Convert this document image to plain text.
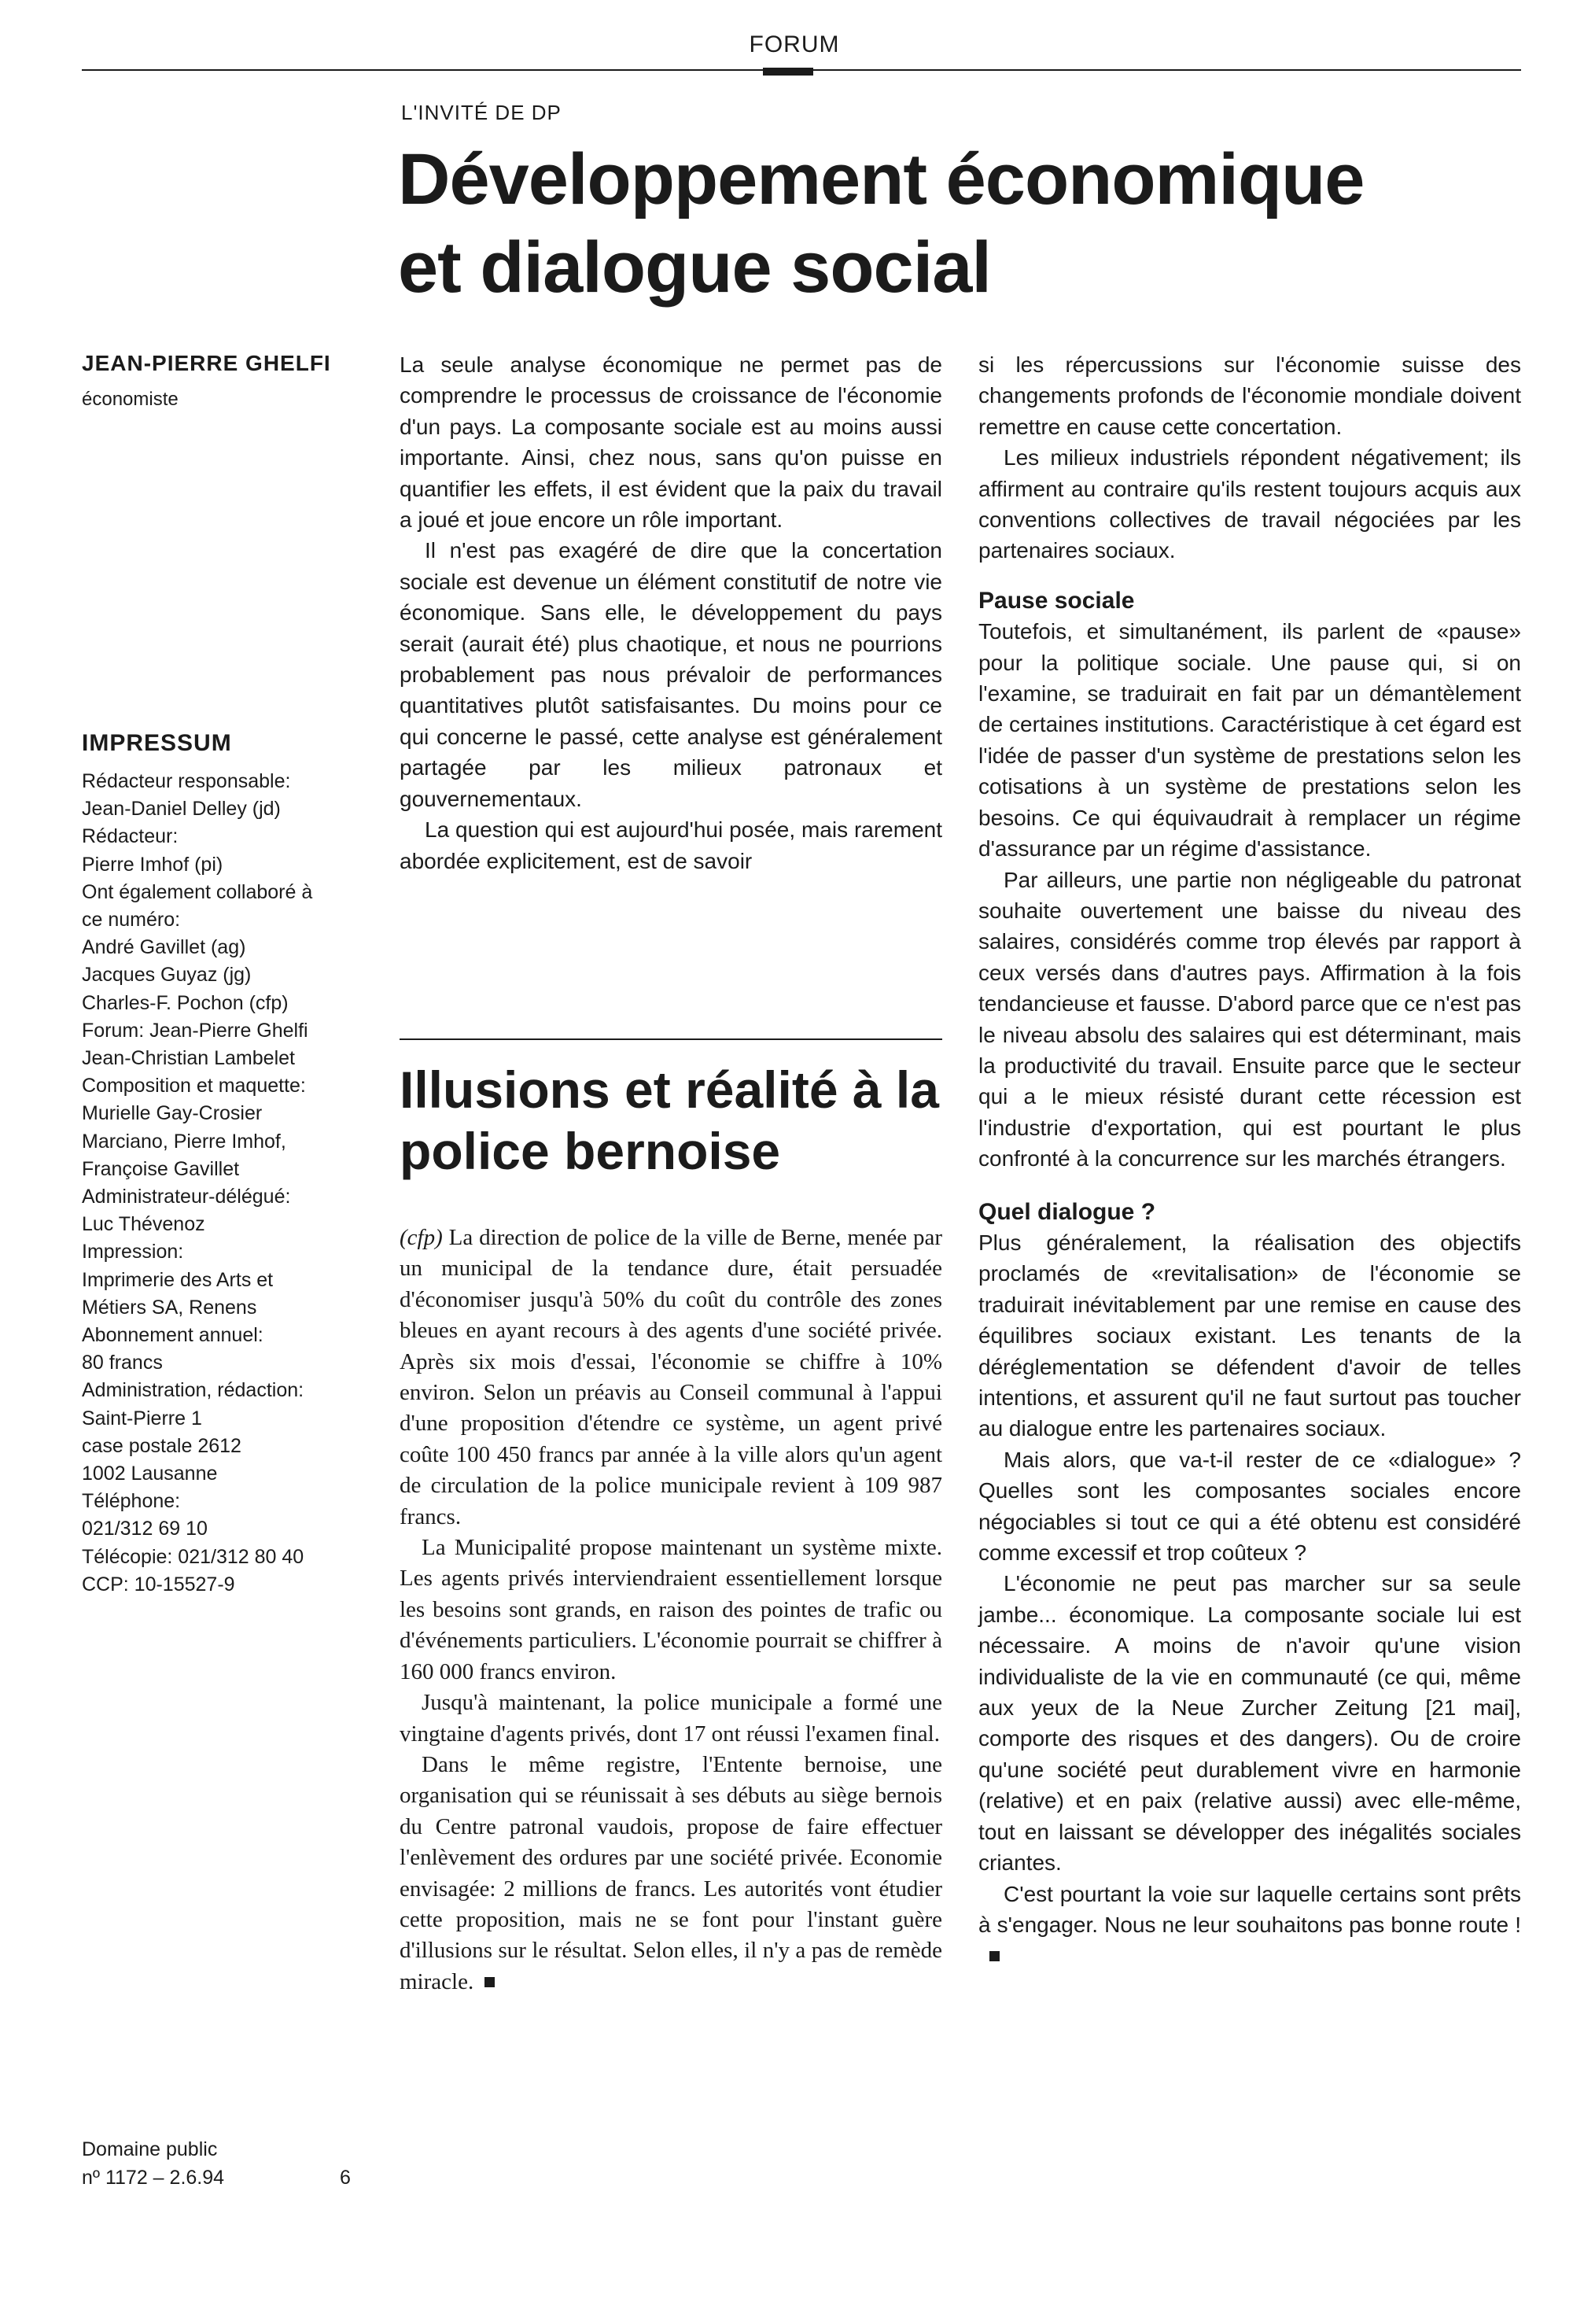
FORUM
L'INVITÉ DE DP
Développement économique et dialogue social
JEAN-PIERRE GHELFI
économiste
IMPRESSUM
Rédacteur responsable:
Jean-Daniel Delley (jd)
Rédacteur:
Pierre Imhof (pi)
Ont également collaboré à
ce numéro:
André Gavillet (ag)
Jacques Guyaz (jg)
Charles-F. Pochon (cfp)
Forum: Jean-Pierre Ghelfi
Jean-Christian Lambelet
Composition et maquette:
Murielle Gay-Crosier
Marciano, Pierre Imhof,
Françoise Gavillet
Administrateur-délégué:
Luc Thévenoz
Impression:
Imprimerie des Arts et
Métiers SA, Renens
Abonnement annuel:
80 francs
Administration, rédaction:
Saint-Pierre 1
case postale 2612
1002 Lausanne
Téléphone:
021/312 69 10
Télécopie: 021/312 80 40
CCP: 10-15527-9
Domaine public
nº 1172 – 2.6.94	6

La seule analyse économique ne permet pas de comprendre le processus de croissance de l'économie d'un pays. La composante sociale est au moins aussi importante. Ainsi, chez nous, sans qu'on puisse en quantifier les effets, il est évident que la paix du travail a joué et joue encore un rôle important.

Il n'est pas exagéré de dire que la concertation sociale est devenue un élément constitutif de notre vie économique. Sans elle, le développement du pays serait (aurait été) plus chaotique, et nous ne pourrions probablement pas nous prévaloir de performances quantitatives plutôt satisfaisantes. Du moins pour ce qui concerne le passé, cette analyse est généralement partagée par les milieux patronaux et gouvernementaux.

La question qui est aujourd'hui posée, mais rarement abordée explicitement, est de savoir

Illusions et réalité à la police bernoise

(cfp) La direction de police de la ville de Berne, menée par un municipal de la tendance dure, était persuadée d'économiser jusqu'à 50% du coût du contrôle des zones bleues en ayant recours à des agents d'une société privée. Après six mois d'essai, l'économie se chiffre à 10% environ. Selon un préavis au Conseil communal à l'appui d'une proposition d'étendre ce système, un agent privé coûte 100 450 francs par année à la ville alors qu'un agent de circulation de la police municipale revient à 109 987 francs.

La Municipalité propose maintenant un système mixte. Les agents privés interviendraient essentiellement lorsque les besoins sont grands, en raison des pointes de trafic ou d'événements particuliers. L'économie pourrait se chiffrer à 160 000 francs environ.

Jusqu'à maintenant, la police municipale a formé une vingtaine d'agents privés, dont 17 ont réussi l'examen final.

Dans le même registre, l'Entente bernoise, une organisation qui se réunissait à ses débuts au siège bernois du Centre patronal vaudois, propose de faire effectuer l'enlèvement des ordures par une société privée. Economie envisagée: 2 millions de francs. Les autorités vont étudier cette proposition, mais ne se font pour l'instant guère d'illusions sur le résultat. Selon elles, il n'y a pas de remède miracle.

si les répercussions sur l'économie suisse des changements profonds de l'économie mondiale doivent remettre en cause cette concertation.

Les milieux industriels répondent négativement; ils affirment au contraire qu'ils restent toujours acquis aux conventions collectives de travail négociées par les partenaires sociaux.

Pause sociale

Toutefois, et simultanément, ils parlent de «pause» pour la politique sociale. Une pause qui, si on l'examine, se traduirait en fait par un démantèlement de certaines institutions. Caractéristique à cet égard est l'idée de passer d'un système de prestations selon les cotisations à un système de prestations selon les besoins. Ce qui équivaudrait à remplacer un régime d'assurance par un régime d'assistance.

Par ailleurs, une partie non négligeable du patronat souhaite ouvertement une baisse du niveau des salaires, considérés comme trop élevés par rapport à ceux versés dans d'autres pays. Affirmation à la fois tendancieuse et fausse. D'abord parce que ce n'est pas le niveau absolu des salaires qui est déterminant, mais la productivité du travail. Ensuite parce que le secteur qui a le mieux résisté durant cette récession est l'industrie d'exportation, qui est pourtant le plus confronté à la concurrence sur les marchés étrangers.

Quel dialogue ?

Plus généralement, la réalisation des objectifs proclamés de «revitalisation» de l'économie se traduirait inévitablement par une remise en cause des équilibres sociaux existant. Les tenants de la déréglementation se défendent d'avoir de telles intentions, et assurent qu'il ne faut surtout pas toucher au dialogue entre les partenaires sociaux.

Mais alors, que va-t-il rester de ce «dialogue» ? Quelles sont les composantes sociales encore négociables si tout ce qui a été obtenu est considéré comme excessif et trop coûteux ?

L'économie ne peut pas marcher sur sa seule jambe... économique. La composante sociale lui est nécessaire. A moins de n'avoir qu'une vision individualiste de la vie en communauté (ce qui, même aux yeux de la Neue Zurcher Zeitung [21 mai], comporte des risques et des dangers). Ou de croire qu'une société peut durablement vivre en harmonie (relative) et en paix (relative aussi) avec elle-même, tout en laissant se développer des inégalités sociales criantes.

C'est pourtant la voie sur laquelle certains sont prêts à s'engager. Nous ne leur souhaitons pas bonne route !
